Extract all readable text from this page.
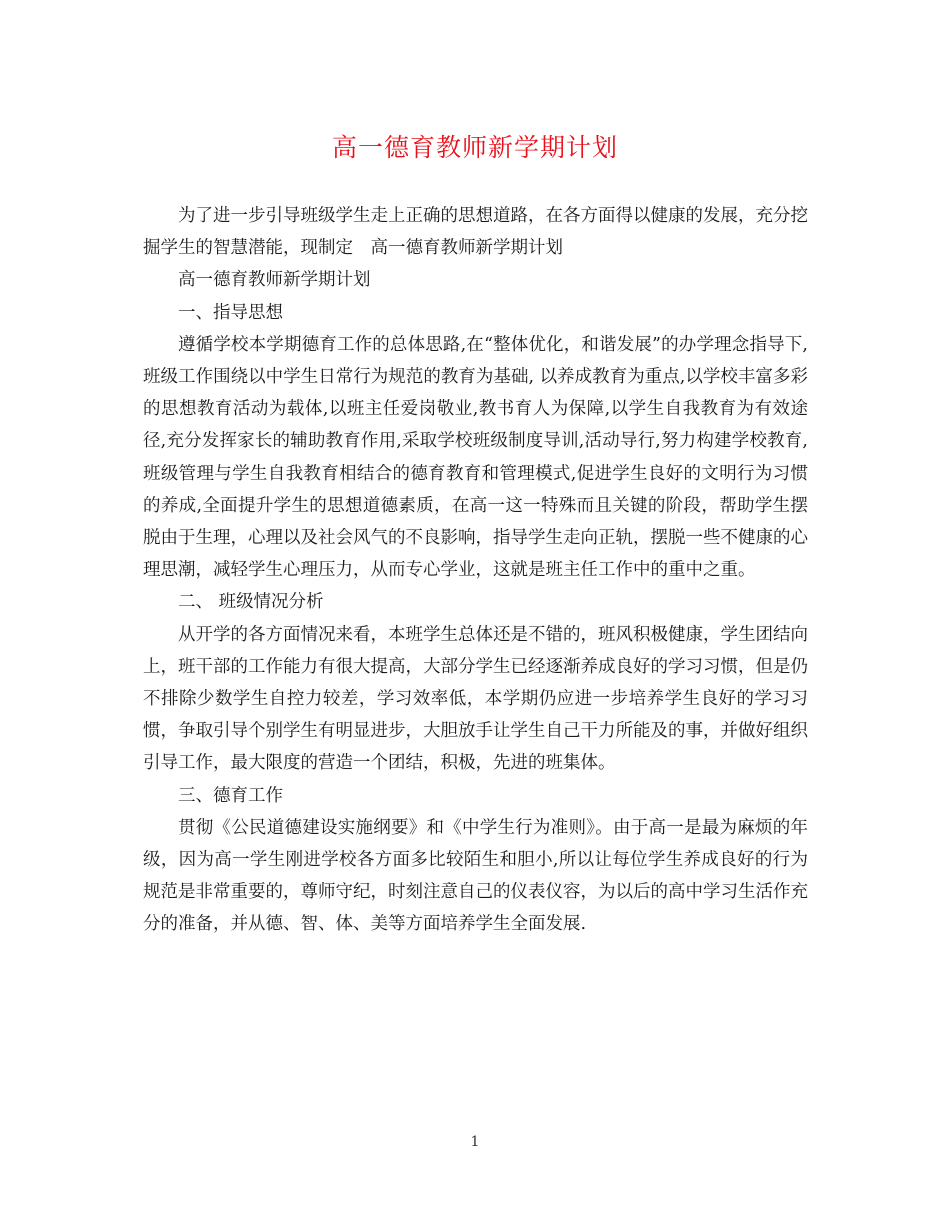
高一德育教师新学期计划

为了进一步引导班级学生走上正确的思想道路，在各方面得以健康的发展，充分挖掘学生的智慧潜能，现制定　高一德育教师新学期计划

高一德育教师新学期计划

一、指导思想

遵循学校本学期德育工作的总体思路,在“整体优化，和谐发展”的办学理念指导下,班级工作围绕以中学生日常行为规范的教育为基础, 以养成教育为重点,以学校丰富多彩的思想教育活动为载体,以班主任爱岗敬业,教书育人为保障,以学生自我教育为有效途径,充分发挥家长的辅助教育作用,采取学校班级制度导训,活动导行,努力构建学校教育,班级管理与学生自我教育相结合的德育教育和管理模式,促进学生良好的文明行为习惯的养成,全面提升学生的思想道德素质，在高一这一特殊而且关键的阶段，帮助学生摆脱由于生理，心理以及社会风气的不良影响，指导学生走向正轨，摆脱一些不健康的心理思潮，减轻学生心理压力，从而专心学业，这就是班主任工作中的重中之重。

二、 班级情况分析

从开学的各方面情况来看，本班学生总体还是不错的，班风积极健康，学生团结向上，班干部的工作能力有很大提高，大部分学生已经逐渐养成良好的学习习惯，但是仍不排除少数学生自控力较差，学习效率低，本学期仍应进一步培养学生良好的学习习惯，争取引导个别学生有明显进步，大胆放手让学生自己干力所能及的事，并做好组织引导工作，最大限度的营造一个团结，积极，先进的班集体。

三、德育工作

贯彻《公民道德建设实施纲要》和《中学生行为准则》。由于高一是最为麻烦的年级，因为高一学生刚进学校各方面多比较陌生和胆小,所以让每位学生养成良好的行为规范是非常重要的，尊师守纪，时刻注意自己的仪表仪容，为以后的高中学习生活作充分的准备，并从德、智、体、美等方面培养学生全面发展.

1
